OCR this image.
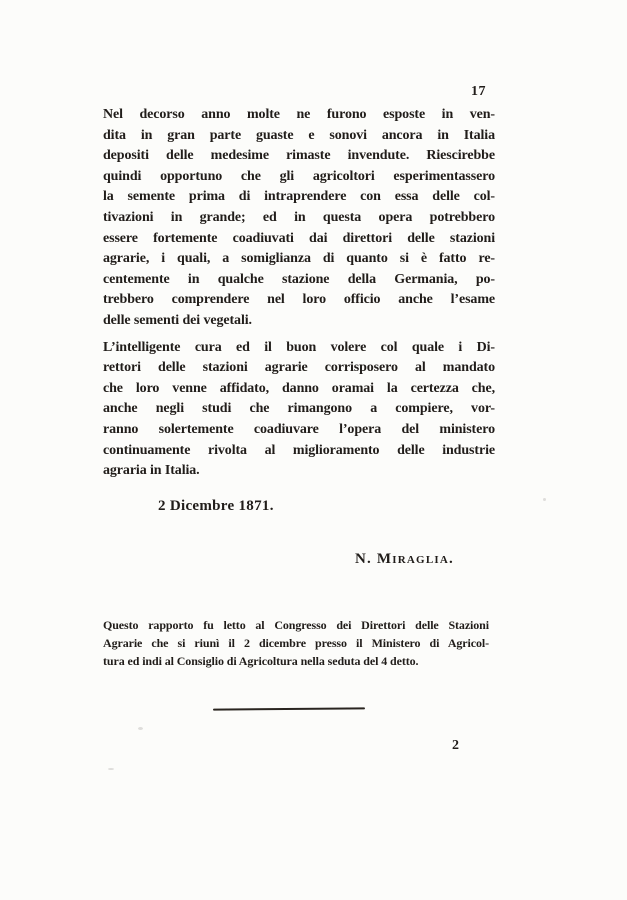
17
Nel decorso anno molte ne furono esposte in ven-
dita in gran parte guaste e sonovi ancora in Italia
depositi delle medesime rimaste invendute. Riescirebbe
quindi opportuno che gli agricoltori esperimentassero
la semente prima di intraprendere con essa delle col-
tivazioni in grande; ed in questa opera potrebbero
essere fortemente coadiuvati dai direttori delle stazioni
agrarie, i quali, a somiglianza di quanto si è fatto re-
centemente in qualche stazione della Germania, po-
trebbero comprendere nel loro officio anche l’esame
delle sementi dei vegetali.
L’intelligente cura ed il buon volere col quale i Di-
rettori delle stazioni agrarie corrisposero al mandato
che loro venne affidato, danno oramai la certezza che,
anche negli studi che rimangono a compiere, vor-
ranno solertemente coadiuvare l’opera del ministero
continuamente rivolta al miglioramento delle industrie
agraria in Italia.
2 Dicembre 1871.
N. Miraglia.
Questo rapporto fu letto al Congresso dei Direttori delle Stazioni
Agrarie che si riunì il 2 dicembre presso il Ministero di Agricol-
tura ed indi al Consiglio di Agricoltura nella seduta del 4 detto.
2
